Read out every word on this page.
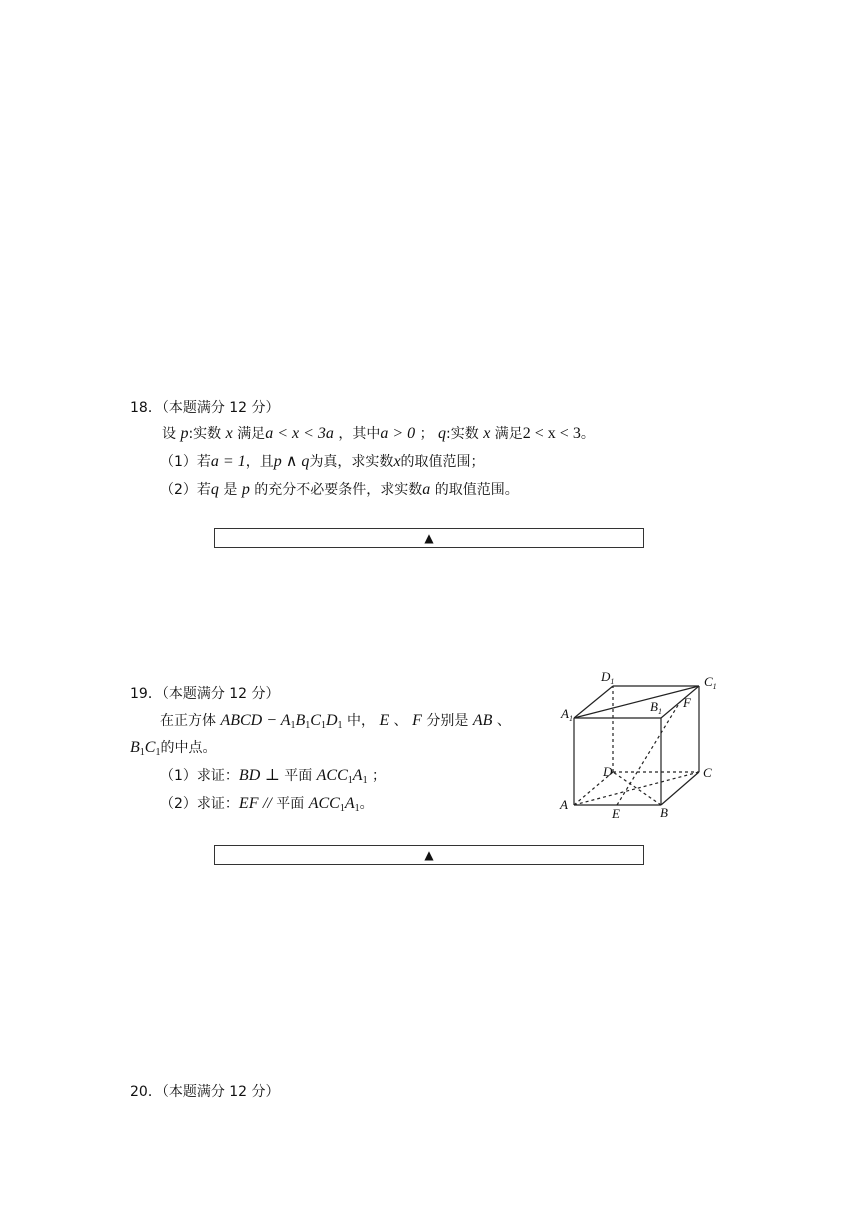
18．（本题满分 12 分）
设 p:实数 x 满足a < x < 3a ，其中a > 0 ； q:实数 x 满足2 < x < 3。
（1）若a = 1，且p ∧ q为真，求实数x的取值范围；
（2）若q 是 p 的充分不必要条件，求实数a 的取值范围。
▲
19．（本题满分 12 分）
在正方体 ABCD − $A_1B_1C_1D_1$ 中， E 、 F 分别是 AB 、
$B_1C_1$的中点。
（1）求证：BD ⊥ 平面 $ACC_1A_1$ ；
（2）求证：EF // 平面 $ACC_1A_1$。
$D_1$	$C_1$
$A_1$
$B_1$
F
D	C
A
E	B
▲
20．（本题满分 12 分）
